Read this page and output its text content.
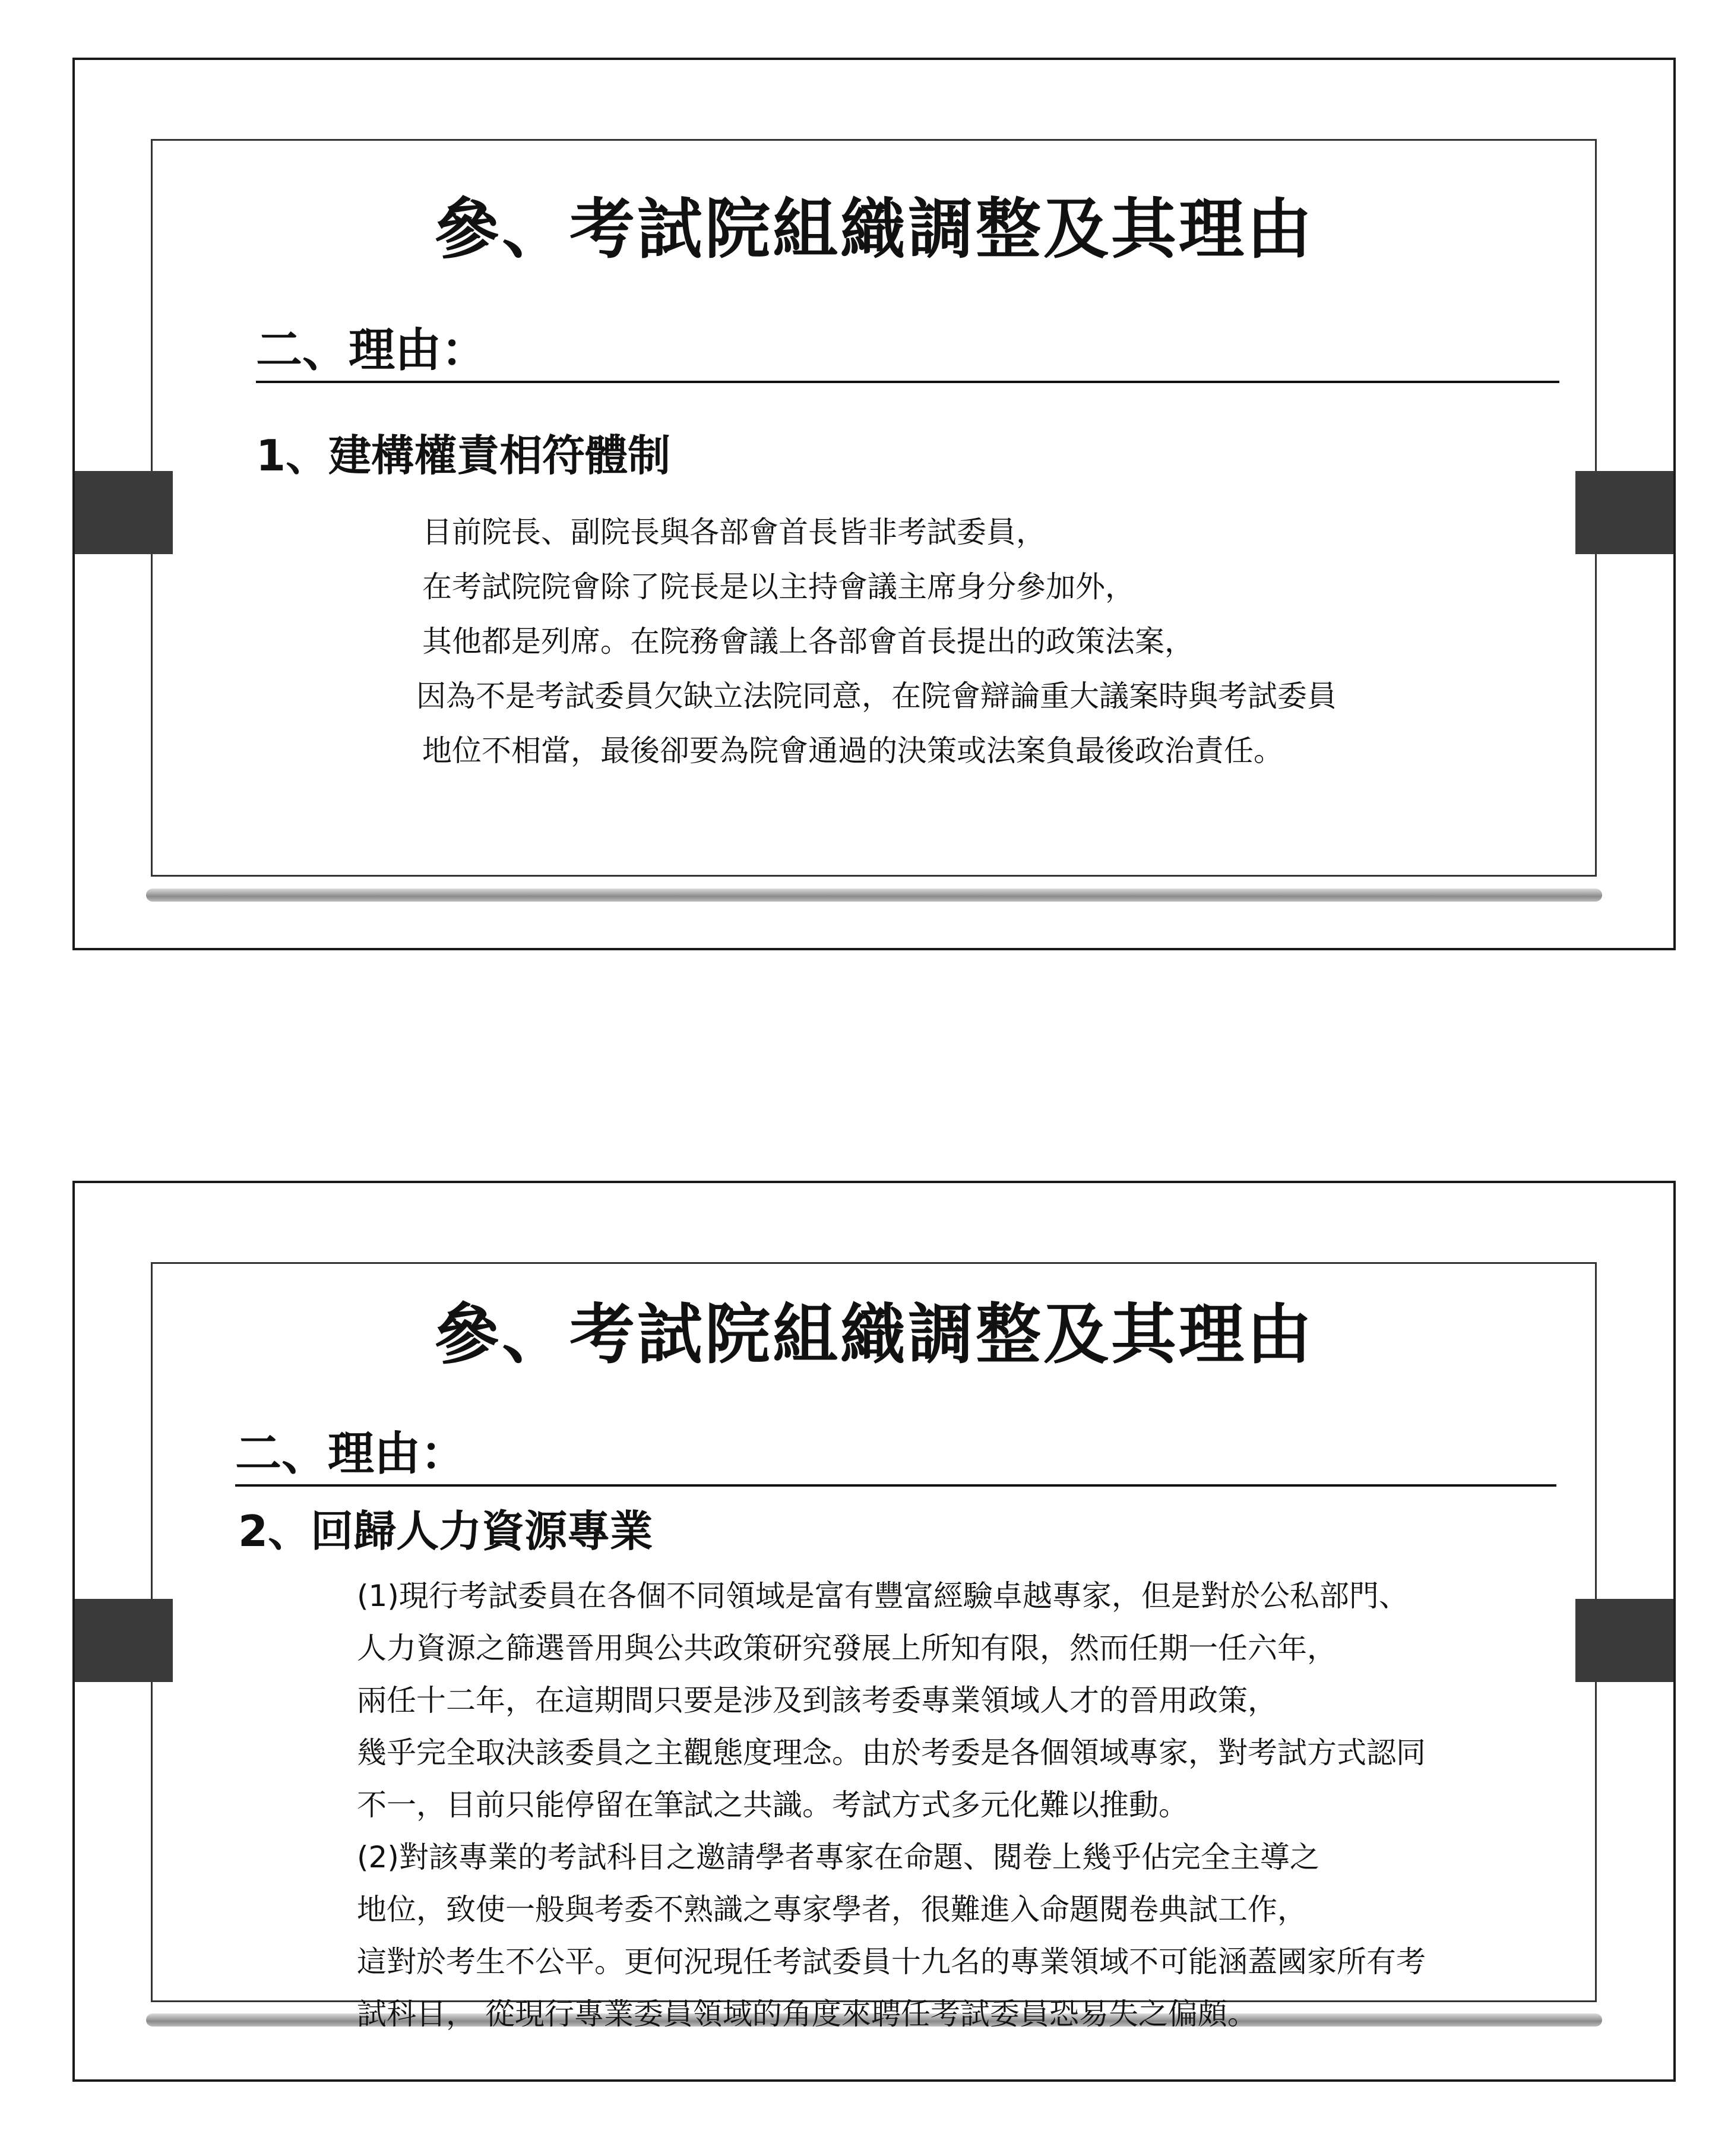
參、考試院組織調整及其理由
二、理由：
1、建構權責相符體制
目前院長、副院長與各部會首長皆非考試委員，
在考試院院會除了院長是以主持會議主席身分參加外，
其他都是列席。在院務會議上各部會首長提出的政策法案，
因為不是考試委員欠缺立法院同意，在院會辯論重大議案時與考試委員
地位不相當，最後卻要為院會通過的決策或法案負最後政治責任。
參、考試院組織調整及其理由
二、理由：
2、回歸人力資源專業
(1)現行考試委員在各個不同領域是富有豐富經驗卓越專家，但是對於公私部門、
人力資源之篩選晉用與公共政策研究發展上所知有限，然而任期一任六年，
兩任十二年，在這期間只要是涉及到該考委專業領域人才的晉用政策，
幾乎完全取決該委員之主觀態度理念。由於考委是各個領域專家，對考試方式認同
不一，目前只能停留在筆試之共識。考試方式多元化難以推動。
(2)對該專業的考試科目之邀請學者專家在命題、閱卷上幾乎佔完全主導之
地位，致使一般與考委不熟識之專家學者，很難進入命題閱卷典試工作，
這對於考生不公平。更何況現任考試委員十九名的專業領域不可能涵蓋國家所有考
試科目， 從現行專業委員領域的角度來聘任考試委員恐易失之偏頗。
